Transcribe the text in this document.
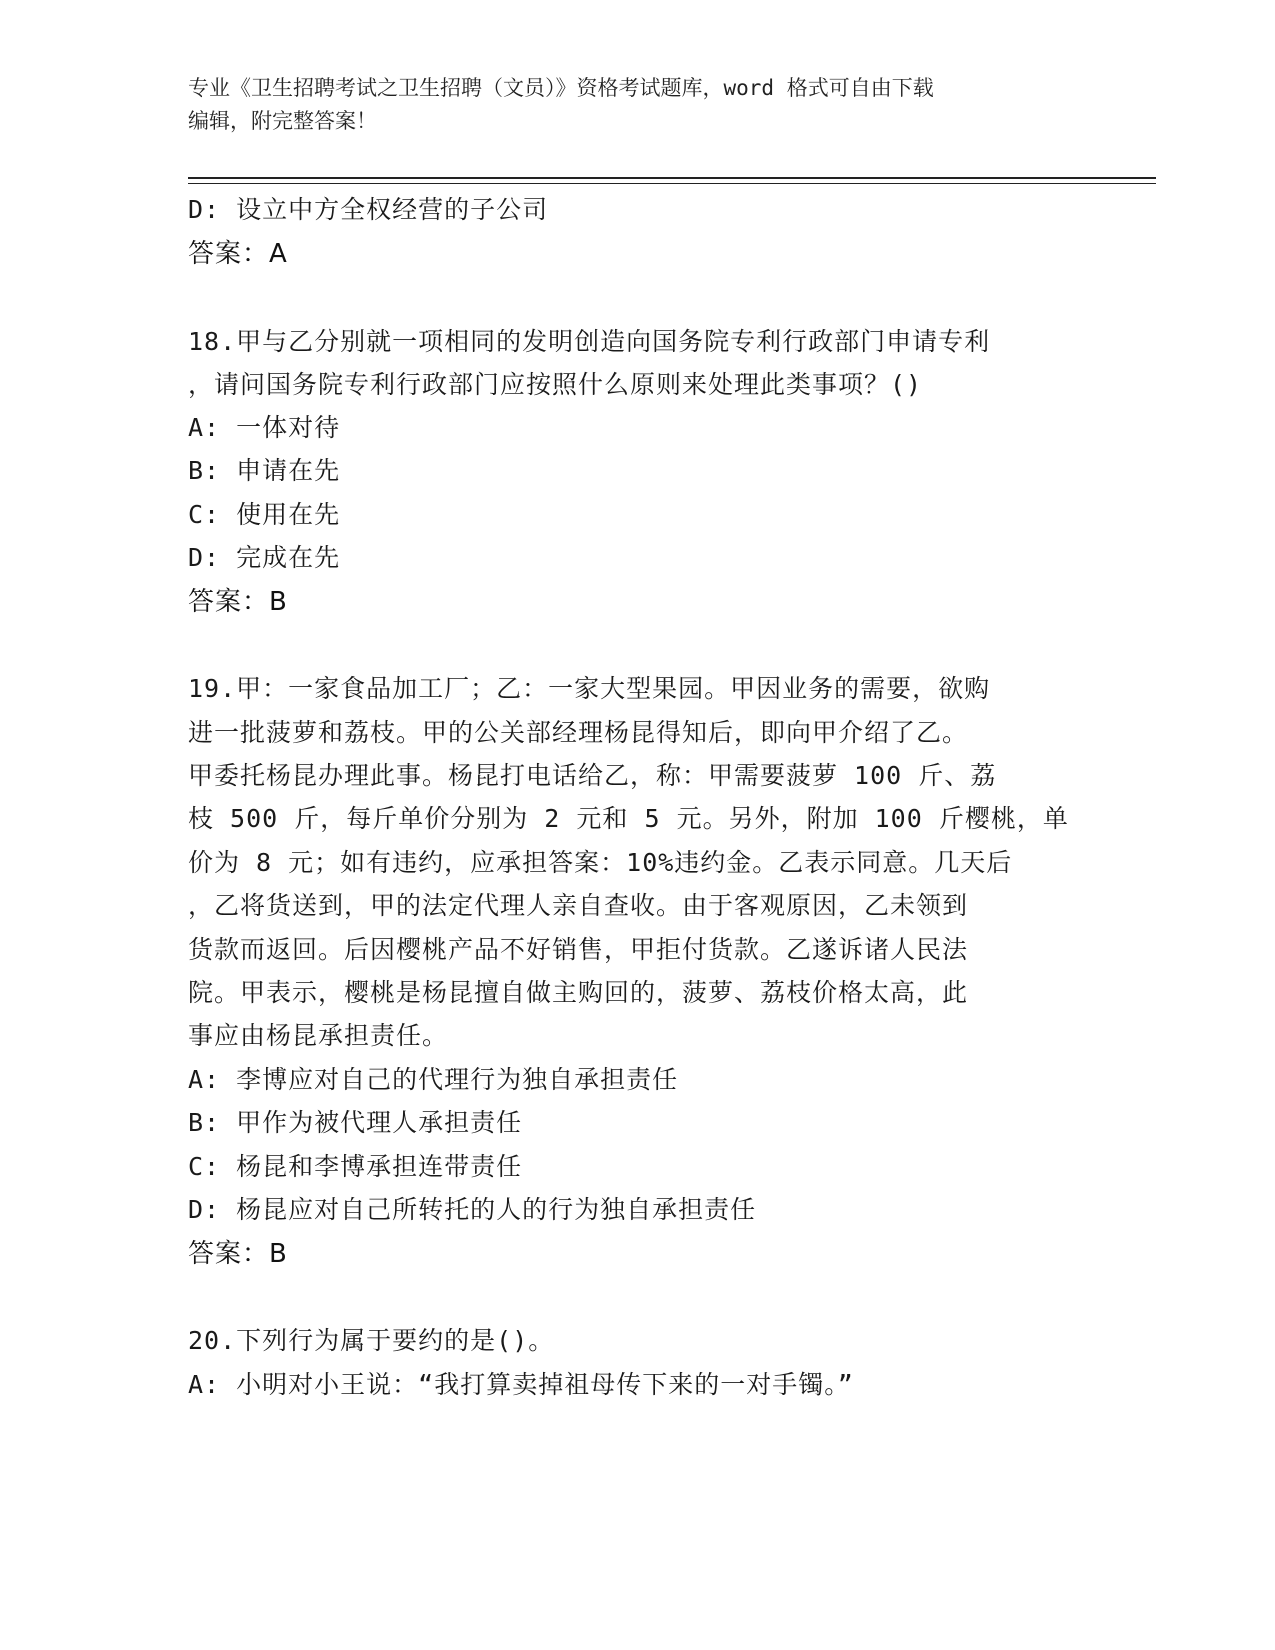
专业《卫生招聘考试之卫生招聘（文员）》资格考试题库，word 格式可自由下载
编辑，附完整答案！
D: 设立中方全权经营的子公司
答案：A
18.甲与乙分别就一项相同的发明创造向国务院专利行政部门申请专利
，请问国务院专利行政部门应按照什么原则来处理此类事项？()
A: 一体对待
B: 申请在先
C: 使用在先
D: 完成在先
答案：B
19.甲：一家食品加工厂；乙：一家大型果园。甲因业务的需要，欲购
进一批菠萝和荔枝。甲的公关部经理杨昆得知后，即向甲介绍了乙。
甲委托杨昆办理此事。杨昆打电话给乙，称：甲需要菠萝 100 斤、荔
枝 500 斤，每斤单价分别为 2 元和 5 元。另外，附加 100 斤樱桃，单
价为 8 元；如有违约，应承担答案：10%违约金。乙表示同意。几天后
，乙将货送到，甲的法定代理人亲自查收。由于客观原因，乙未领到
货款而返回。后因樱桃产品不好销售，甲拒付货款。乙遂诉诸人民法
院。甲表示，樱桃是杨昆擅自做主购回的，菠萝、荔枝价格太高，此
事应由杨昆承担责任。
A: 李博应对自己的代理行为独自承担责任
B: 甲作为被代理人承担责任
C: 杨昆和李博承担连带责任
D: 杨昆应对自己所转托的人的行为独自承担责任
答案：B
20.下列行为属于要约的是()。
A: 小明对小王说：“我打算卖掉祖母传下来的一对手镯。”
